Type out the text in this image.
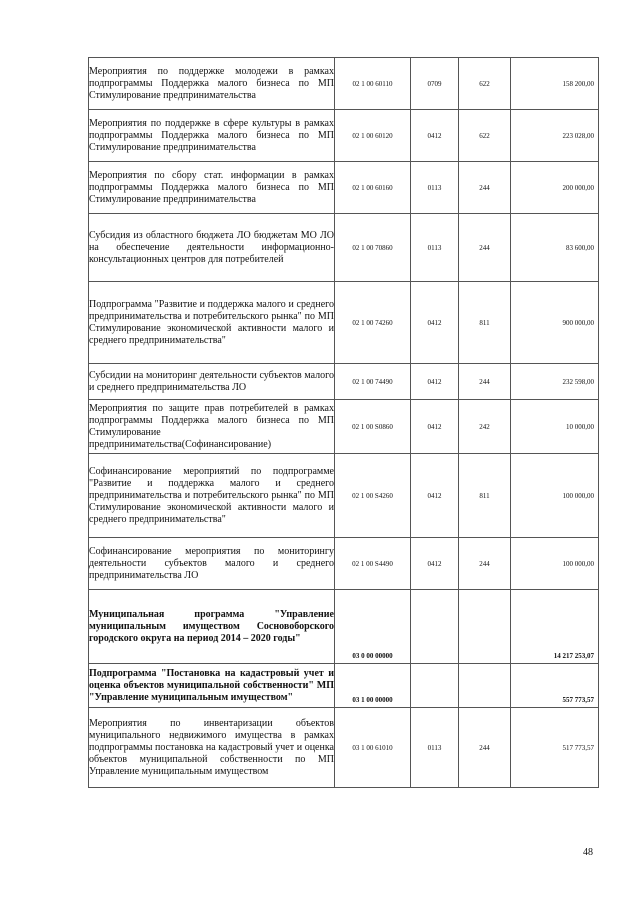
Мероприятия по поддержке молодежи в рамках подпрограммы Поддержка малого бизнеса по МП Стимулирование предпринимательства	02 1 00 60110	0709	622	158 200,00
Мероприятия по поддержке в сфере культуры в рамках подпрограммы Поддержка малого бизнеса по МП Стимулирование предпринимательства	02 1 00 60120	0412	622	223 028,00
Мероприятия по сбору стат. информации в рамках подпрограммы Поддержка малого бизнеса по МП Стимулирование предпринимательства	02 1 00 60160	0113	244	200 000,00
Субсидия из областного бюджета ЛО бюджетам МО ЛО на обеспечение деятельности информационно-консультационных центров для потребителей	02 1 00 70860	0113	244	83 600,00
Подпрограмма "Развитие и поддержка малого и среднего предпринимательства и потребительского рынка" по МП Стимулирование экономической активности малого и среднего предпринимательства"	02 1 00 74260	0412	811	900 000,00
Субсидии на мониторинг деятельности субъектов малого и среднего предпринимательства ЛО	02 1 00 74490	0412	244	232 598,00
Мероприятия по защите прав потребителей в рамках подпрограммы Поддержка малого бизнеса по МП Стимулирование предпринимательства(Софинансирование)	02 1 00 S0860	0412	242	10 000,00
Софинансирование мероприятий по подпрограмме "Развитие и поддержка малого и среднего предпринимательства и потребительского рынка" по МП Стимулирование экономической активности малого и среднего предпринимательства"	02 1 00 S4260	0412	811	100 000,00
Софинансирование мероприятия по мониторингу деятельности субъектов малого и среднего предпринимательства ЛО	02 1 00 S4490	0412	244	100 000,00
Муниципальная программа "Управление муниципальным имуществом Сосновоборского городского округа на период 2014 – 2020 годы"	03 0 00 00000			14 217 253,07
Подпрограмма "Постановка на кадастровый учет и оценка объектов муниципальной собственности" МП "Управление муниципальным имуществом"	03 1 00 00000			557 773,57
Мероприятия по инвентаризации объектов муниципального недвижимого имущества в рамках подпрограммы постановка на кадастровый учет и оценка объектов муниципальной собственности по МП Управление муниципальным имуществом	03 1 00 61010	0113	244	517 773,57
48
